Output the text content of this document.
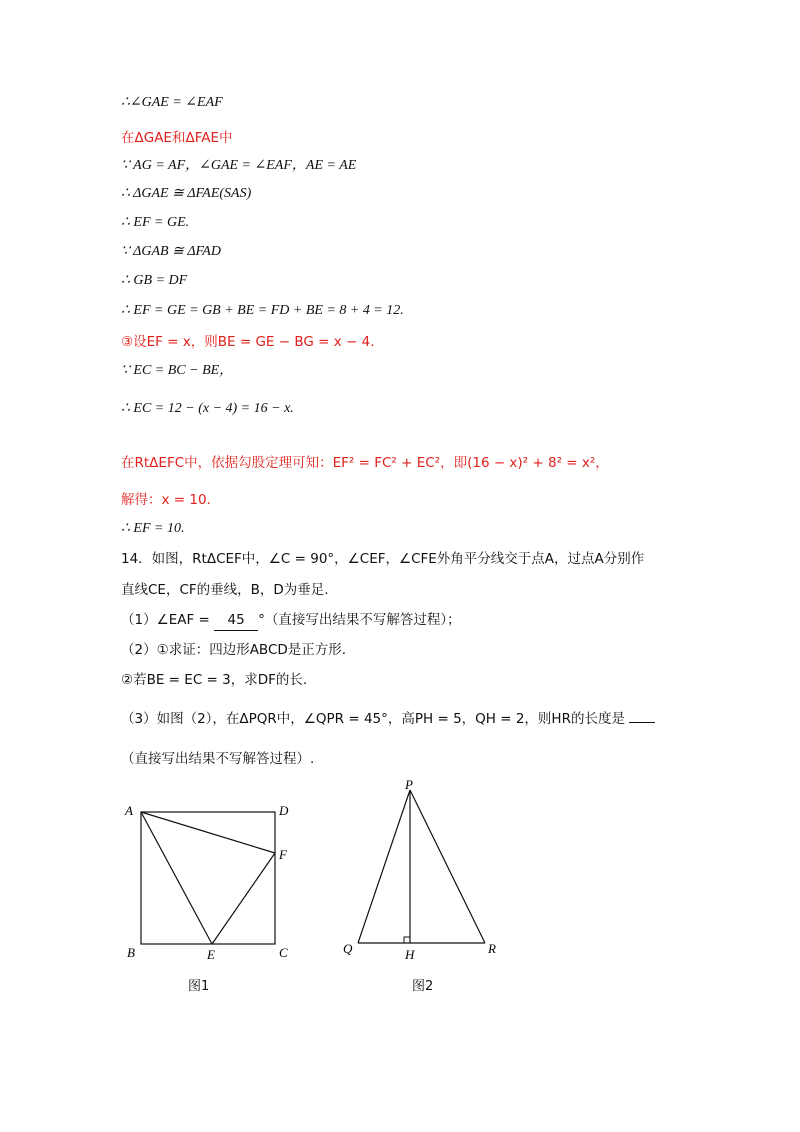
∴∠GAE = ∠EAF
在ΔGAE和ΔFAE中
∵ AG = AF，∠GAE = ∠EAF，AE = AE
∴ ΔGAE ≅ ΔFAE(SAS)
∴ EF = GE.
∵ ΔGAB ≅ ΔFAD
∴ GB = DF
∴ EF = GE = GB + BE = FD + BE = 8 + 4 = 12.
③设EF = x，则BE = GE − BG = x − 4.
∵ EC = BC − BE，
∴ EC = 12 − (x − 4) = 16 − x.
在RtΔEFC中，依据勾股定理可知：EF² = FC² + EC²，即(16 − x)² + 8² = x²，
解得：x = 10.
∴ EF = 10.
14．如图，RtΔCEF中，∠C = 90°，∠CEF，∠CFE外角平分线交于点A，过点A分别作
直线CE，CF的垂线，B，D为垂足.
（1）∠EAF = 45 °（直接写出结果不写解答过程）；
（2）①求证：四边形ABCD是正方形.
②若BE = EC = 3，求DF的长.
（3）如图（2），在ΔPQR中，∠QPR = 45°，高PH = 5，QH = 2，则HR的长度是
（直接写出结果不写解答过程）.
A	D
F
B	E	C
图1
P
Q	H	R
图2
